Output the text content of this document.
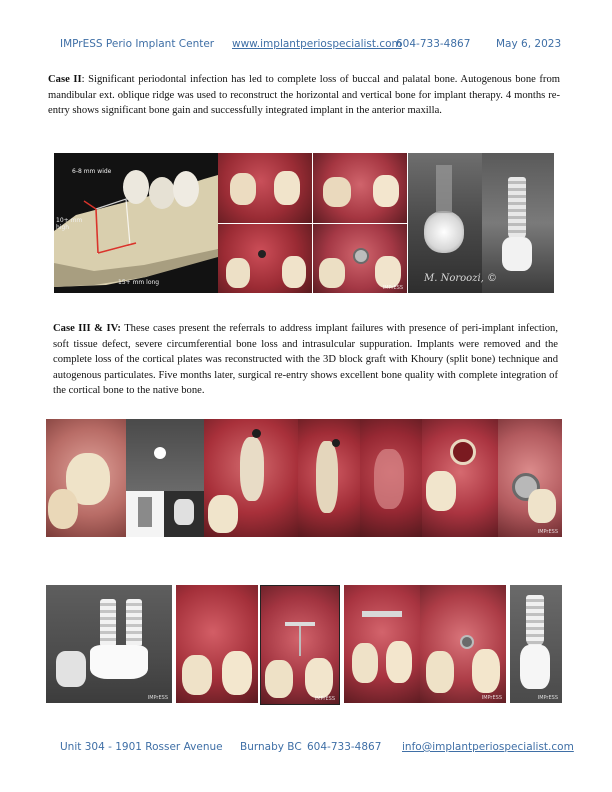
IMPrESS Perio Implant Center www.implantperiospecialist.com
604-733-4867 May 6, 2023
Case II: Significant periodontal infection has led to complete loss of buccal and palatal bone. Autogenous bone from mandibular ext. oblique ridge was used to reconstruct the horizontal and vertical bone for implant therapy. 4 months re-entry shows significant bone gain and successfully integrated implant in the anterior maxilla.
6-8 mm wide
10+ mm high
15+ mm long
IMPrESS
M. Noroozi, ©
Case III & IV: These cases present the referrals to address implant failures with presence of peri-implant infection, soft tissue defect, severe circumferential bone loss and intrasulcular suppuration. Implants were removed and the complete loss of the cortical plates was reconstructed with the 3D block graft with Khoury (split bone) technique and autogenous particulates. Five months later, surgical re-entry shows excellent bone quality with complete integration of the cortical bone to the native bone.
IMPrESS
IMPrESS	IMPrESS	IMPrESS	IMPrESS
Unit 304 - 1901 Rosser Avenue Burnaby BC 604-733-4867 info@implantperiospecialist.com
